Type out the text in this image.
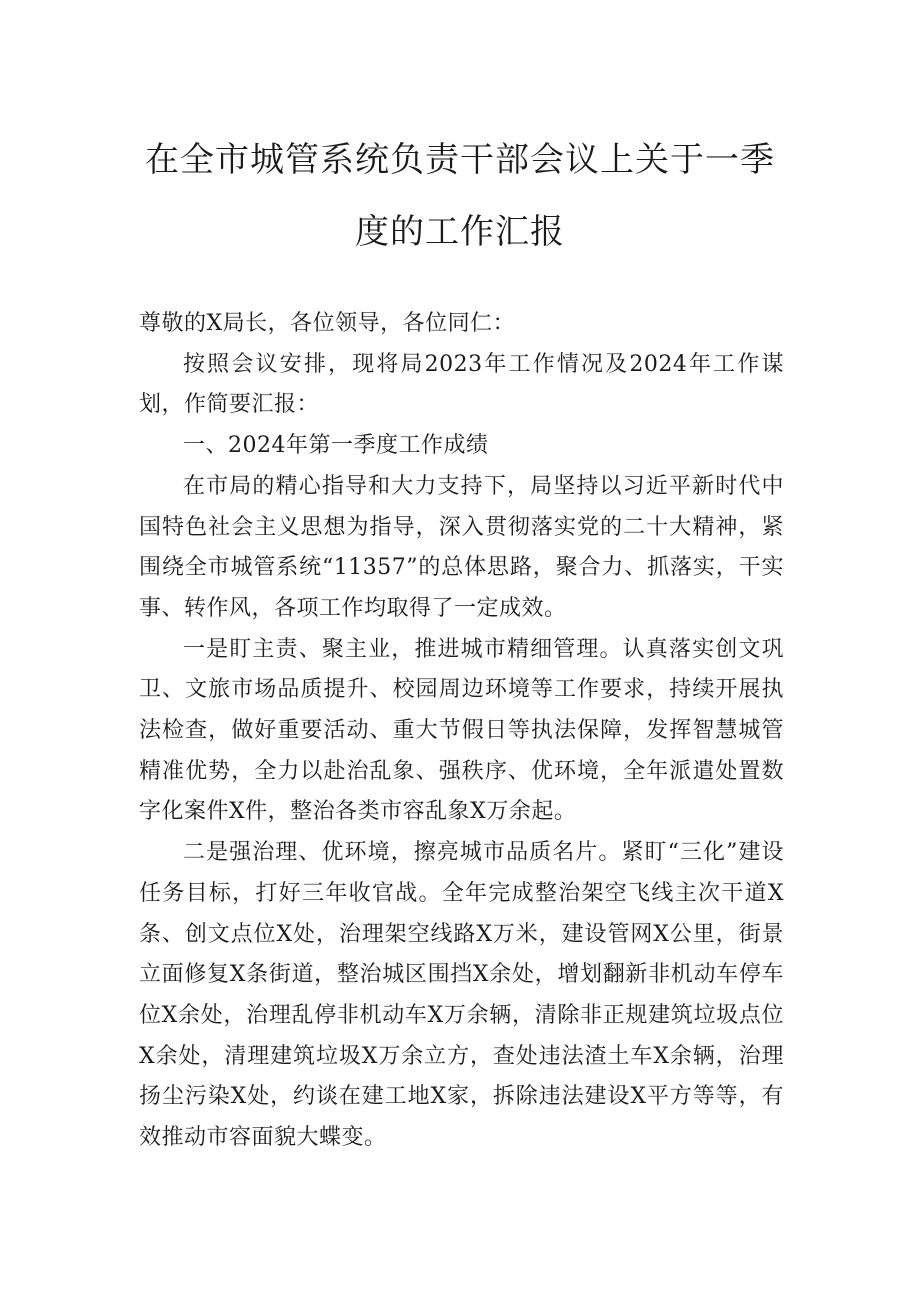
在全市城管系统负责干部会议上关于一季
度的工作汇报

尊敬的X局长，各位领导，各位同仁：

按照会议安排，现将局2023年工作情况及2024年工作谋划，作简要汇报：

一、2024年第一季度工作成绩

在市局的精心指导和大力支持下，局坚持以习近平新时代中国特色社会主义思想为指导，深入贯彻落实党的二十大精神，紧围绕全市城管系统“11357”的总体思路，聚合力、抓落实，干实事、转作风，各项工作均取得了一定成效。

一是盯主责、聚主业，推进城市精细管理。认真落实创文巩卫、文旅市场品质提升、校园周边环境等工作要求，持续开展执法检查，做好重要活动、重大节假日等执法保障，发挥智慧城管精准优势，全力以赴治乱象、强秩序、优环境，全年派遣处置数字化案件X件，整治各类市容乱象X万余起。

二是强治理、优环境，擦亮城市品质名片。紧盯“三化”建设任务目标，打好三年收官战。全年完成整治架空飞线主次干道X条、创文点位X处，治理架空线路X万米，建设管网X公里，街景立面修复X条街道，整治城区围挡X余处，增划翻新非机动车停车位X余处，治理乱停非机动车X万余辆，清除非正规建筑垃圾点位X余处，清理建筑垃圾X万余立方，查处违法渣土车X余辆，治理扬尘污染X处，约谈在建工地X家，拆除违法建设X平方等等，有效推动市容面貌大蝶变。
